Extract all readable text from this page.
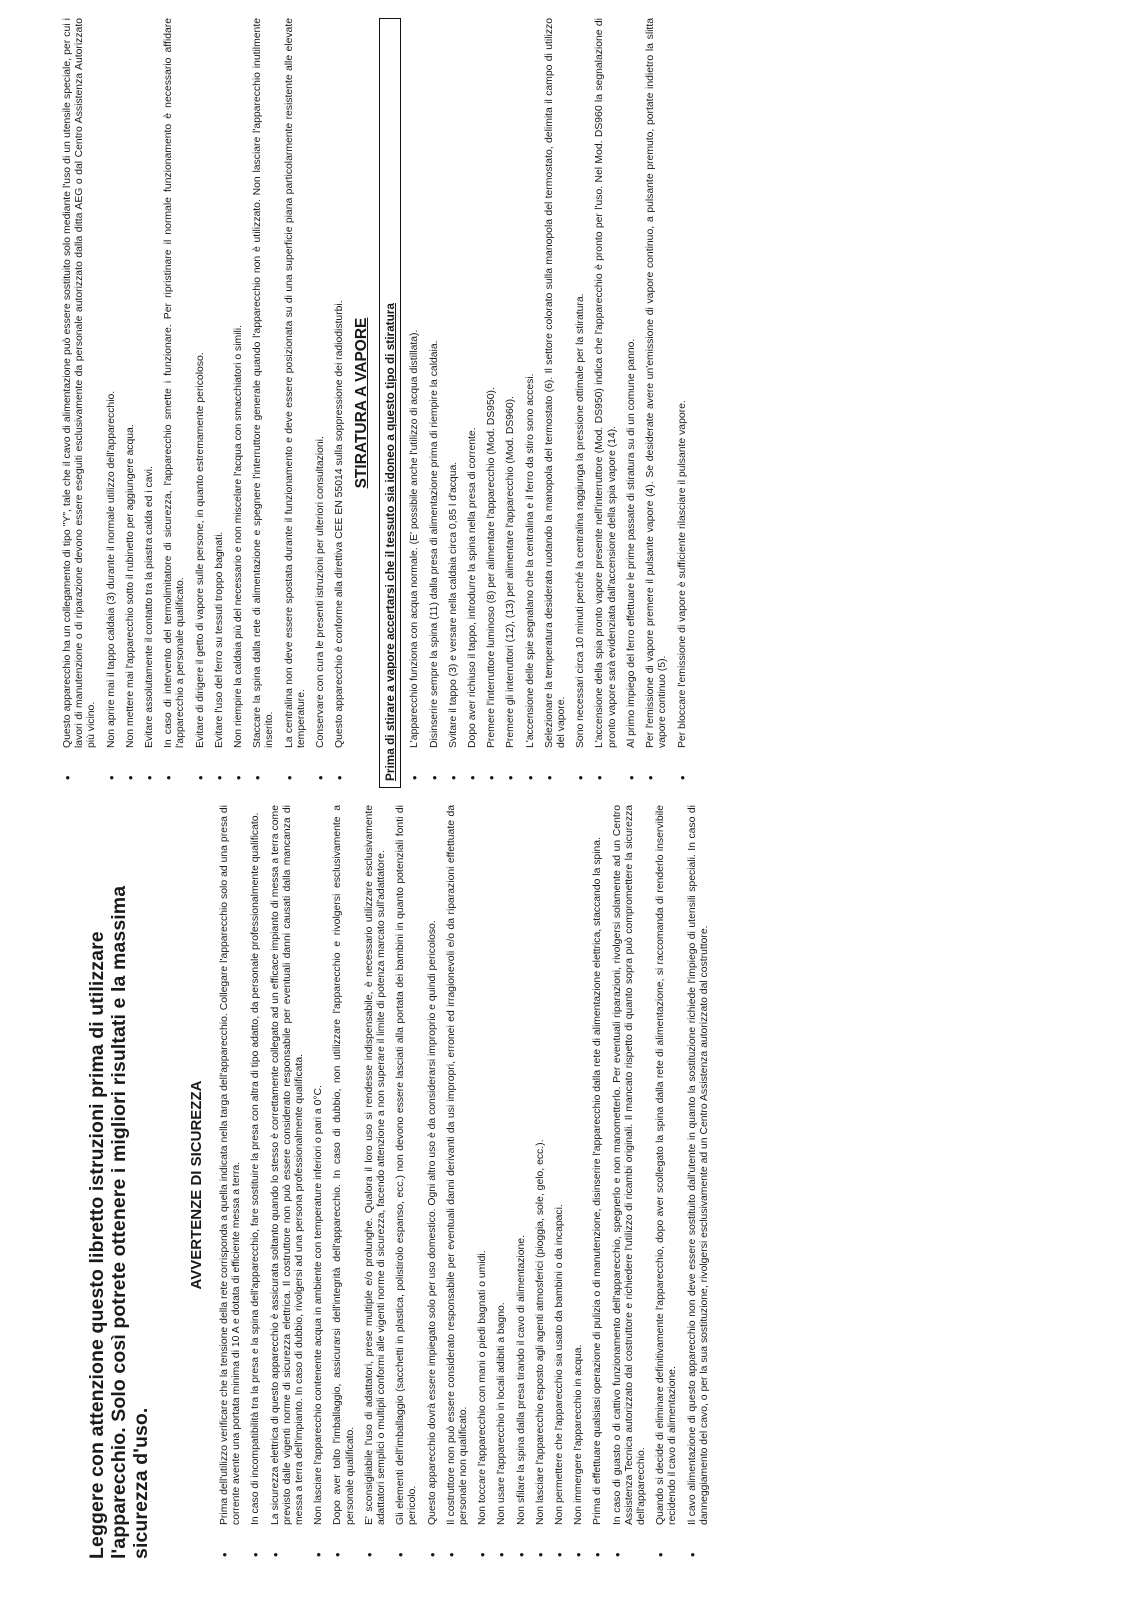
Leggere con attenzione questo libretto istruzioni prima di utilizzare l'apparecchio. Solo così potrete ottenere i migliori risultati e la massima sicurezza d'uso.

AVVERTENZE DI SICUREZZA • Prima dell'utilizzo verificare che la tensione della rete corrisponda a quella indicata nella targa dell'apparecchio. Collegare l'apparecchio solo ad una presa di corrente avente una portata minima di 10 A e dotata di efficiente messa a terra. • In caso di incompatibilità tra la presa e la spina dell'apparecchio, fare sostituire la presa con altra di tipo adatto, da personale professionalmente qualificato. • La sicurezza elettrica di questo apparecchio è assicurata soltanto quando lo stesso è correttamente collegato ad un efficace impianto di messa a terra come previsto dalle vigenti norme di sicurezza elettrica. Il costruttore non può essere considerato responsabile per eventuali danni causati dalla mancanza di messa a terra dell'impianto. In caso di dubbio, rivolgersi ad una persona professionalmente qualificata. • Non lasciare l'apparecchio contenente acqua in ambiente con temperature inferiori o pari a 0°C. • Dopo aver tolto l'imballaggio, assicurarsi dell'integrità dell'apparecchio. In caso di dubbio, non utilizzare l'apparecchio e rivolgersi esclusivamente a personale qualificato. • E' sconsigliabile l'uso di adattatori, prese multiple e/o prolunghe. Qualora il loro uso si rendesse indispensabile, è necessario utilizzare esclusivamente adattatori semplici o multipli conformi alle vigenti norme di sicurezza, facendo attenzione a non superare il limite di potenza marcato sull'adattatore. • Gli elementi dell'imballaggio (sacchetti in plastica, polistirolo espanso, ecc.) non devono essere lasciati alla portata dei bambini in quanto potenziali fonti di pericolo. • Questo apparecchio dovrà essere impiegato solo per uso domestico. Ogni altro uso è da considerarsi improprio e quindi pericoloso. • Il costruttore non può essere considerato responsabile per eventuali danni derivanti da usi impropri, erronei ed irragionevoli e/o da riparazioni effettuate da personale non qualificato. • Non toccare l'apparecchio con mani o piedi bagnati o umidi. • Non usare l'apparecchio in locali adibiti a bagno. • Non sfilare la spina dalla presa tirando il cavo di alimentazione. • Non lasciare l'apparecchio esposto agli agenti atmosferici (pioggia, sole, gelo, ecc.). • Non permettere che l'apparecchio sia usato da bambini o da incapaci. • Non immergere l'apparecchio in acqua. • Prima di effettuare qualsiasi operazione di pulizia o di manutenzione, disinserire l'apparecchio dalla rete di alimentazione elettrica, staccando la spina. • In caso di guasto o di cattivo funzionamento dell'apparecchio, spegnerlo e non manometterlo. Per eventuali riparazioni, rivolgersi solamente ad un Centro Assistenza Tecnica autorizzato dal costruttore e richiedere l'utilizzo di ricambi originali. Il mancato rispetto di quanto sopra può compromettere la sicurezza dell'apparecchio. • Quando si decide di eliminare definitivamente l'apparecchio, dopo aver scollegato la spina dalla rete di alimentazione, si raccomanda di renderlo inservibile recidendo il cavo di alimentazione. • Il cavo alimentazione di questo apparecchio non deve essere sostituito dall'utente in quanto la sostituzione richiede l'impiego di utensili speciali. In caso di danneggiamento del cavo, o per la sua sostituzione, rivolgersi esclusivamente ad un Centro Assistenza autorizzato dal costruttore.
• Questo apparecchio ha un collegamento di tipo "Y", tale che il cavo di alimentazione può essere sostituito solo mediante l'uso di un utensile speciale, per cui i lavori di manutenzione o di riparazione devono essere eseguiti esclusivamente da personale autorizzato dalla ditta AEG o dal Centro Assistenza Autorizzato più vicino. • Non aprire mai il tappo caldaia (3) durante il normale utilizzo dell'apparecchio. • Non mettere mai l'apparecchio sotto il rubinetto per aggiungere acqua. • Evitare assolutamente il contatto tra la piastra calda ed i cavi. • In caso di intervento del termolimitatore di sicurezza, l'apparecchio smette i funzionare. Per ripristinare il normale funzionamento è necessario affidare l'apparecchio a personale qualificato. • Evitare di dirigere il getto di vapore sulle persone, in quanto estremamente pericoloso. • Evitare l'uso del ferro su tessuti troppo bagnati. • Non riempire la caldaia più del necessario e non miscelare l'acqua con smacchiatori o simili. • Staccare la spina dalla rete di alimentazione e spegnere l'interruttore generale quando l'apparecchio non è utilizzato. Non lasciare l'apparecchio inutilmente inserito. • La centralina non deve essere spostata durante il funzionamento e deve essere posizionata su di una superficie piana particolarmente resistente alle elevate temperature. • Conservare con cura le presenti istruzioni per ulteriori consultazioni. • Questo apparecchio è conforme alla direttiva CEE EN 55014 sulla soppressione dei radiodisturbi. STIRATURA A VAPORE	Prima di stirare a vapore accertarsi che il tessuto sia idoneo a questo tipo di stiratura	• L'apparecchio funziona con acqua normale. (E' possibile anche l'utilizzo di acqua distillata). • Disinserire sempre la spina (11) dalla presa di alimentazione prima di riempire la caldaia. • Svitare il tappo (3) e versare nella caldaia circa 0,85 l d'acqua. • Dopo aver richiuso il tappo, introdurre la spina nella presa di corrente. • Premere l'interruttore luminoso (8) per alimentare l'apparecchio (Mod. DS950). • Premere gli interruttori (12), (13) per alimentare l'apparecchio (Mod. DS960). • L'accensione delle spie segnalano che la centralina e il ferro da stiro sono accesi. • Selezionare la temperatura desiderata ruotando la manopola del termostato (6). Il settore colorato sulla manopola del termostato, delimita il campo di utilizzo del vapore. • Sono necessari circa 10 minuti perché la centralina raggiunga la pressione ottimale per la stiratura. • L'accensione della spia pronto vapore presente nell'interruttore (Mod. DS950) indica che l'apparecchio è pronto per l'uso. Nel Mod. DS960 la segnalazione di pronto vapore sarà evidenziata dall'accensione della spia vapore (14). • Al primo impiego del ferro effettuare le prime passate di stiratura su di un comune panno. • Per l'emissione di vapore premere il pulsante vapore (4). Se desiderate avere un'emissione di vapore continuo, a pulsante premuto, portate indietro la slitta vapore continuo (5). • Per bloccare l'emissione di vapore è sufficiente rilasciare il pulsante vapore.
